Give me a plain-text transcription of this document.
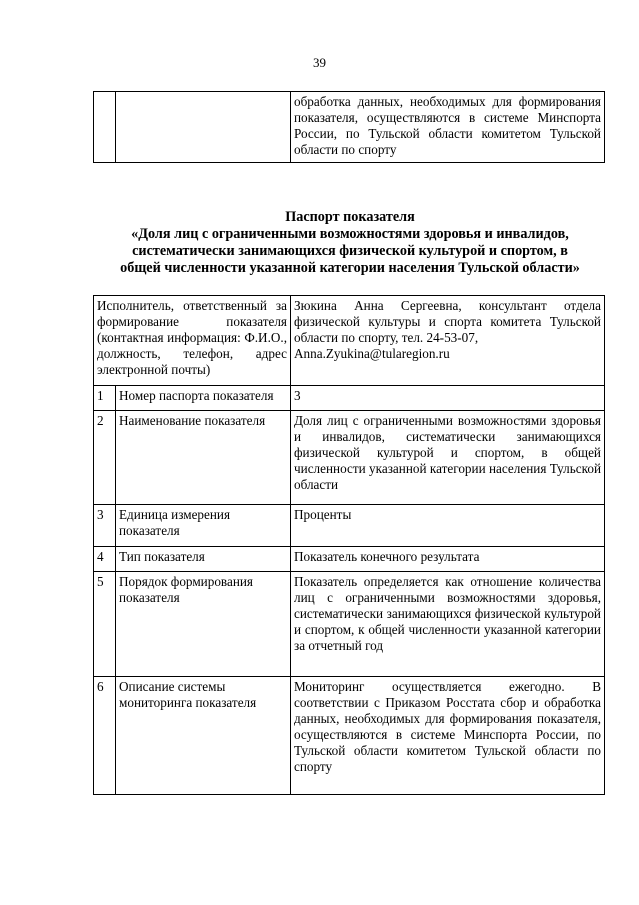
39
		обработка данных, необходимых для формирования показателя, осуществляются в системе Минспорта России, по Тульской области комитетом Тульской области по спорту
Паспорт показателя
«Доля лиц с ограниченными возможностями здоровья и инвалидов,
систематически занимающихся физической культурой и спортом, в
общей численности указанной категории населения Тульской области»
Исполнитель, ответственный за формирование показателя (контактная информация: Ф.И.О., должность, телефон, адрес электронной почты)		Зюкина Анна Сергеевна, консультант отдела физической культуры и спорта комитета Тульской области по спорту, тел. 24-53-07,
Anna.Zyukina@tularegion.ru

1	Номер паспорта показателя	3
2	Наименование показателя	Доля лиц с ограниченными возможностями здоровья и инвалидов, систематически занимающихся физической культурой и спортом, в общей численности указанной категории населения Тульской области
3	Единица измерения показателя	Проценты
4	Тип показателя	Показатель конечного результата
5	Порядок формирования показателя	Показатель определяется как отношение количества лиц с ограниченными возможностями здоровья, систематически занимающихся физической культурой и спортом, к общей численности указанной категории за отчетный год
6	Описание системы мониторинга показателя	Мониторинг осуществляется ежегодно. В соответствии с Приказом Росстата сбор и обработка данных, необходимых для формирования показателя, осуществляются в системе Минспорта России, по Тульской области комитетом Тульской области по спорту
